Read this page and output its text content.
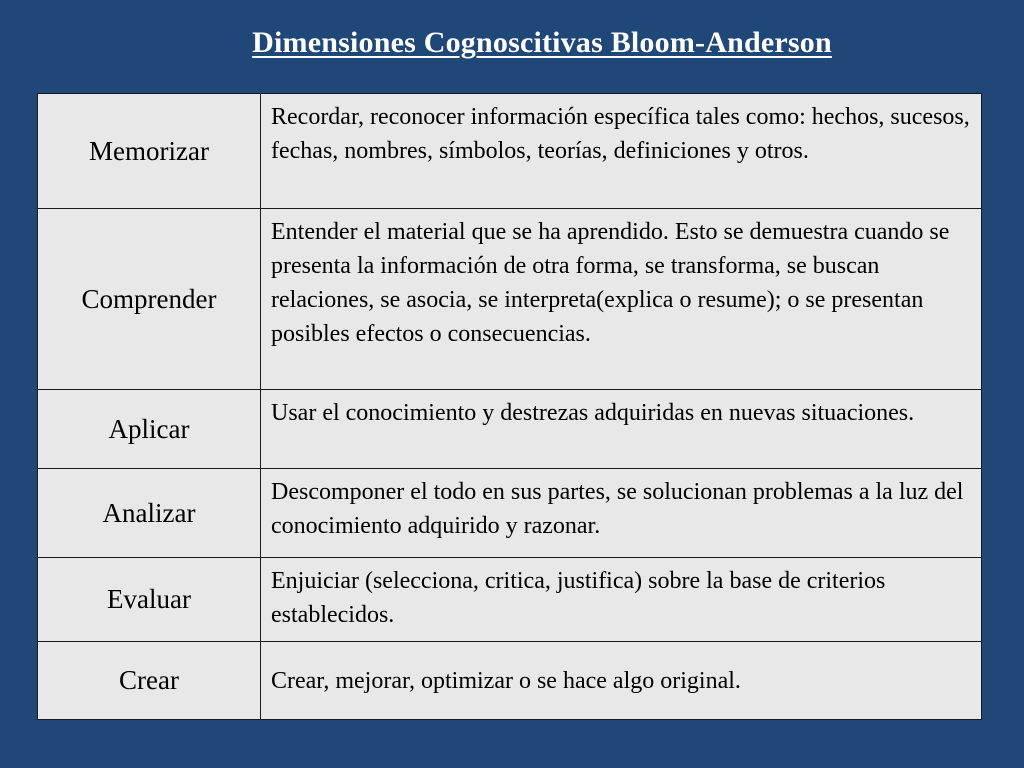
Dimensiones Cognoscitivas Bloom-Anderson
Memorizar	Recordar, reconocer información específica tales como: hechos, sucesos, fechas, nombres, símbolos, teorías, definiciones y otros.
Comprender	Entender el material que se ha aprendido. Esto se demuestra cuando se presenta la información de otra forma, se transforma, se buscan relaciones, se asocia, se interpreta(explica o resume); o se presentan posibles efectos o consecuencias.
Aplicar	Usar el conocimiento y destrezas adquiridas en nuevas situaciones.
Analizar	Descomponer el todo en sus partes, se solucionan problemas a la luz del conocimiento adquirido y razonar.
Evaluar	Enjuiciar (selecciona, critica, justifica) sobre la base de criterios establecidos.
Crear	Crear, mejorar, optimizar o se hace algo original.
